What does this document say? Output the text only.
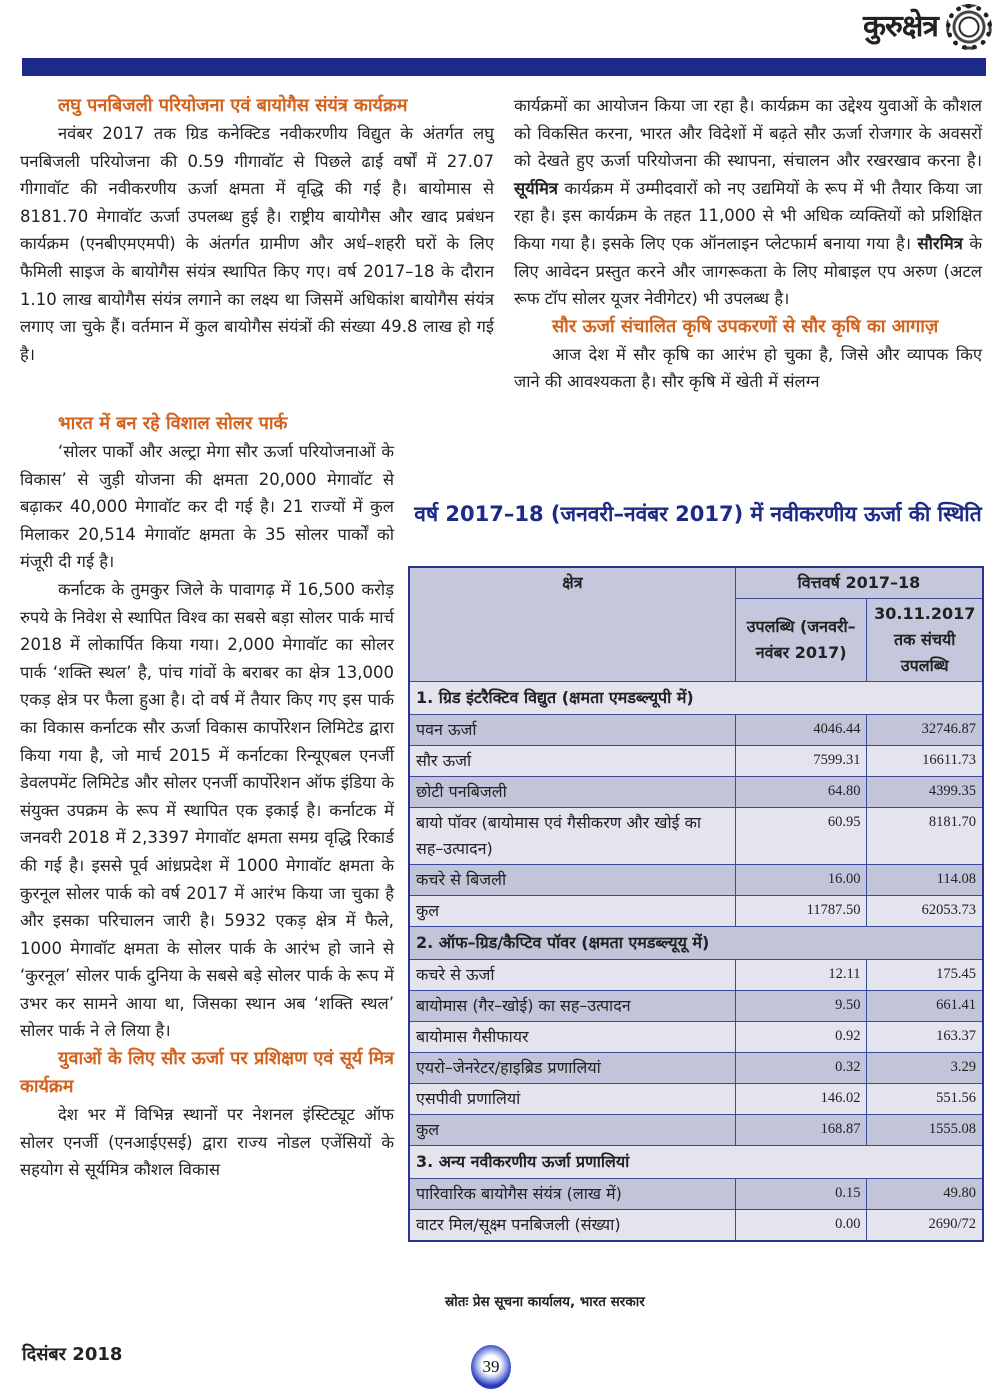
कुरुक्षेत्र
लघु पनबिजली परियोजना एवं बायोगैस संयंत्र कार्यक्रम

नवंबर 2017 तक ग्रिड कनेक्टिड नवीकरणीय विद्युत के अंतर्गत लघु पनबिजली परियोजना की 0.59 गीगावॉट से पिछले ढाई वर्षों में 27.07 गीगावॉट की नवीकरणीय ऊर्जा क्षमता में वृद्धि की गई है। बायोमास से 8181.70 मेगावॉट ऊर्जा उपलब्ध हुई है। राष्ट्रीय बायोगैस और खाद प्रबंधन कार्यक्रम (एनबीएमएमपी) के अंतर्गत ग्रामीण और अर्ध–शहरी घरों के लिए फैमिली साइज के बायोगैस संयंत्र स्थापित किए गए। वर्ष 2017–18 के दौरान 1.10 लाख बायोगैस संयंत्र लगाने का लक्ष्य था जिसमें अधिकांश बायोगैस संयंत्र लगाए जा चुके हैं। वर्तमान में कुल बायोगैस संयंत्रों की संख्या 49.8 लाख हो गई है।

भारत में बन रहे विशाल सोलर पार्क

‘सोलर पार्कों और अल्ट्रा मेगा सौर ऊर्जा परियोजनाओं के विकास’ से जुड़ी योजना की क्षमता 20,000 मेगावॉट से बढ़ाकर 40,000 मेगावॉट कर दी गई है। 21 राज्यों में कुल मिलाकर 20,514 मेगावॉट क्षमता के 35 सोलर पार्कों को मंजूरी दी गई है।

कर्नाटक के तुमकुर जिले के पावागढ़ में 16,500 करोड़ रुपये के निवेश से स्थापित विश्व का सबसे बड़ा सोलर पार्क मार्च 2018 में लोकार्पित किया गया। 2,000 मेगावॉट का सोलर पार्क ‘शक्ति स्थल’ है, पांच गांवों के बराबर का क्षेत्र 13,000 एकड़ क्षेत्र पर फैला हुआ है। दो वर्ष में तैयार किए गए इस पार्क का विकास कर्नाटक सौर ऊर्जा विकास कार्पोरेशन लिमिटेड द्वारा किया गया है, जो मार्च 2015 में कर्नाटका रिन्यूएबल एनर्जी डेवलपमेंट लिमिटेड और सोलर एनर्जी कार्पोरेशन ऑफ इंडिया के संयुक्त उपक्रम के रूप में स्थापित एक इकाई है। कर्नाटक में जनवरी 2018 में 2,3397 मेगावॉट क्षमता समग्र वृद्धि रिकार्ड की गई है। इससे पूर्व आंध्रप्रदेश में 1000 मेगावॉट क्षमता के कुरनूल सोलर पार्क को वर्ष 2017 में आरंभ किया जा चुका है और इसका परिचालन जारी है। 5932 एकड़ क्षेत्र में फैले, 1000 मेगावॉट क्षमता के सोलर पार्क के आरंभ हो जाने से ‘कुरनूल’ सोलर पार्क दुनिया के सबसे बड़े सोलर पार्क के रूप में उभर कर सामने आया था, जिसका स्थान अब ‘शक्ति स्थल’ सोलर पार्क ने ले लिया है।

युवाओं के लिए सौर ऊर्जा पर प्रशिक्षण एवं सूर्य मित्र कार्यक्रम

देश भर में विभिन्न स्थानों पर नेशनल इंस्टिट्यूट ऑफ सोलर एनर्जी (एनआईएसई) द्वारा राज्य नोडल एजेंसियों के सहयोग से सूर्यमित्र कौशल विकास

कार्यक्रमों का आयोजन किया जा रहा है। कार्यक्रम का उद्देश्य युवाओं के कौशल को विकसित करना, भारत और विदेशों में बढ़ते सौर ऊर्जा रोजगार के अवसरों को देखते हुए ऊर्जा परियोजना की स्थापना, संचालन और रखरखाव करना है। सूर्यमित्र कार्यक्रम में उम्मीदवारों को नए उद्यमियों के रूप में भी तैयार किया जा रहा है। इस कार्यक्रम के तहत 11,000 से भी अधिक व्यक्तियों को प्रशिक्षित किया गया है। इसके लिए एक ऑनलाइन प्लेटफार्म बनाया गया है। सौरमित्र के लिए आवेदन प्रस्तुत करने और जागरूकता के लिए मोबाइल एप अरुण (अटल रूफ टॉप सोलर यूजर नेवीगेटर) भी उपलब्ध है।

सौर ऊर्जा संचालित कृषि उपकरणों से सौर कृषि का आगाज़

आज देश में सौर कृषि का आरंभ हो चुका है, जिसे और व्यापक किए जाने की आवश्यकता है। सौर कृषि में खेती में संलग्न

वर्ष 2017–18 (जनवरी–नवंबर 2017) में नवीकरणीय ऊर्जा की स्थिति
क्षेत्र	वित्तवर्ष 2017–18	
	उपलब्धि (जनवरी–नवंबर 2017)	30.11.2017 तक संचयी उपलब्धि
1. ग्रिड इंटरैक्टिव विद्युत (क्षमता एमडब्ल्यूपी में)		
पवन ऊर्जा	4046.44	32746.87
सौर ऊर्जा	7599.31	16611.73
छोटी पनबिजली	64.80	4399.35
बायो पॉवर (बायोमास एवं गैसीकरण और खोई का सह–उत्पादन)	60.95	8181.70
कचरे से बिजली	16.00	114.08
कुल	11787.50	62053.73
2. ऑफ–ग्रिड/कैप्टिव पॉवर (क्षमता एमडब्ल्यूयू में)		
कचरे से ऊर्जा	12.11	175.45
बायोमास (गैर–खोई) का सह–उत्पादन	9.50	661.41
बायोमास गैसीफायर	0.92	163.37
एयरो–जेनरेटर/हाइब्रिड प्रणालियां	0.32	3.29
एसपीवी प्रणालियां	146.02	551.56
कुल	168.87	1555.08
3. अन्य नवीकरणीय ऊर्जा प्रणालियां		
पारिवारिक बायोगैस संयंत्र (लाख में)	0.15	49.80
वाटर मिल/सूक्ष्म पनबिजली (संख्या)	0.00	2690/72
स्रोतः प्रेस सूचना कार्यालय, भारत सरकार
दिसंबर 2018
39
